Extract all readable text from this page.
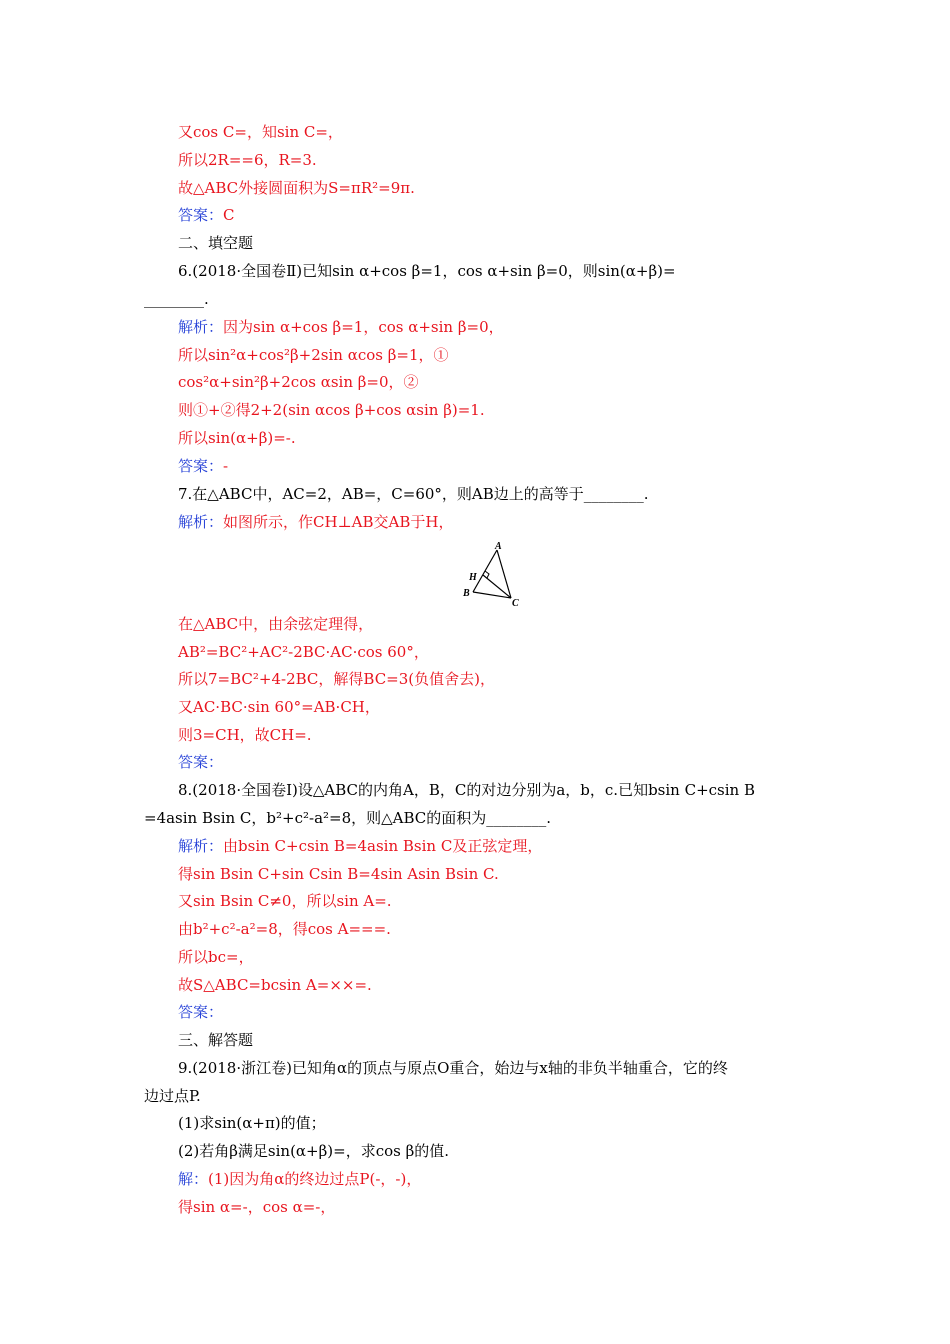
又cos C=，知sin C=，
所以2R==6，R=3.
故△ABC外接圆面积为S=πR²=9π.
答案：C
二、填空题
6.(2018·全国卷Ⅱ)已知sin α+cos β=1，cos α+sin β=0，则sin(α+β)=
________.
解析：因为sin α+cos β=1，cos α+sin β=0，
所以sin²α+cos²β+2sin αcos β=1，①
cos²α+sin²β+2cos αsin β=0，②
则①+②得2+2(sin αcos β+cos αsin β)=1.
所以sin(α+β)=-.
答案：-
7.在△ABC中，AC=2，AB=，C=60°，则AB边上的高等于________.
解析：如图所示，作CH⊥AB交AB于H，
A
H
B
C
在△ABC中，由余弦定理得，
AB²=BC²+AC²-2BC·AC·cos 60°，
所以7=BC²+4-2BC，解得BC=3(负值舍去)，
又AC·BC·sin 60°=AB·CH，
则3=CH，故CH=.
答案：
8.(2018·全国卷Ⅰ)设△ABC的内角A，B，C的对边分别为a，b，c.已知bsin C+csin B
=4asin Bsin C，b²+c²-a²=8，则△ABC的面积为________.
解析：由bsin C+csin B=4asin Bsin C及正弦定理，
得sin Bsin C+sin Csin B=4sin Asin Bsin C.
又sin Bsin C≠0，所以sin A=.
由b²+c²-a²=8，得cos A===.
所以bc=，
故S△ABC=bcsin A=××=.
答案：
三、解答题
9.(2018·浙江卷)已知角α的顶点与原点O重合，始边与x轴的非负半轴重合，它的终
边过点P.
(1)求sin(α+π)的值；
(2)若角β满足sin(α+β)=，求cos β的值.
解：(1)因为角α的终边过点P(-，-)，
得sin α=-，cos α=-，
